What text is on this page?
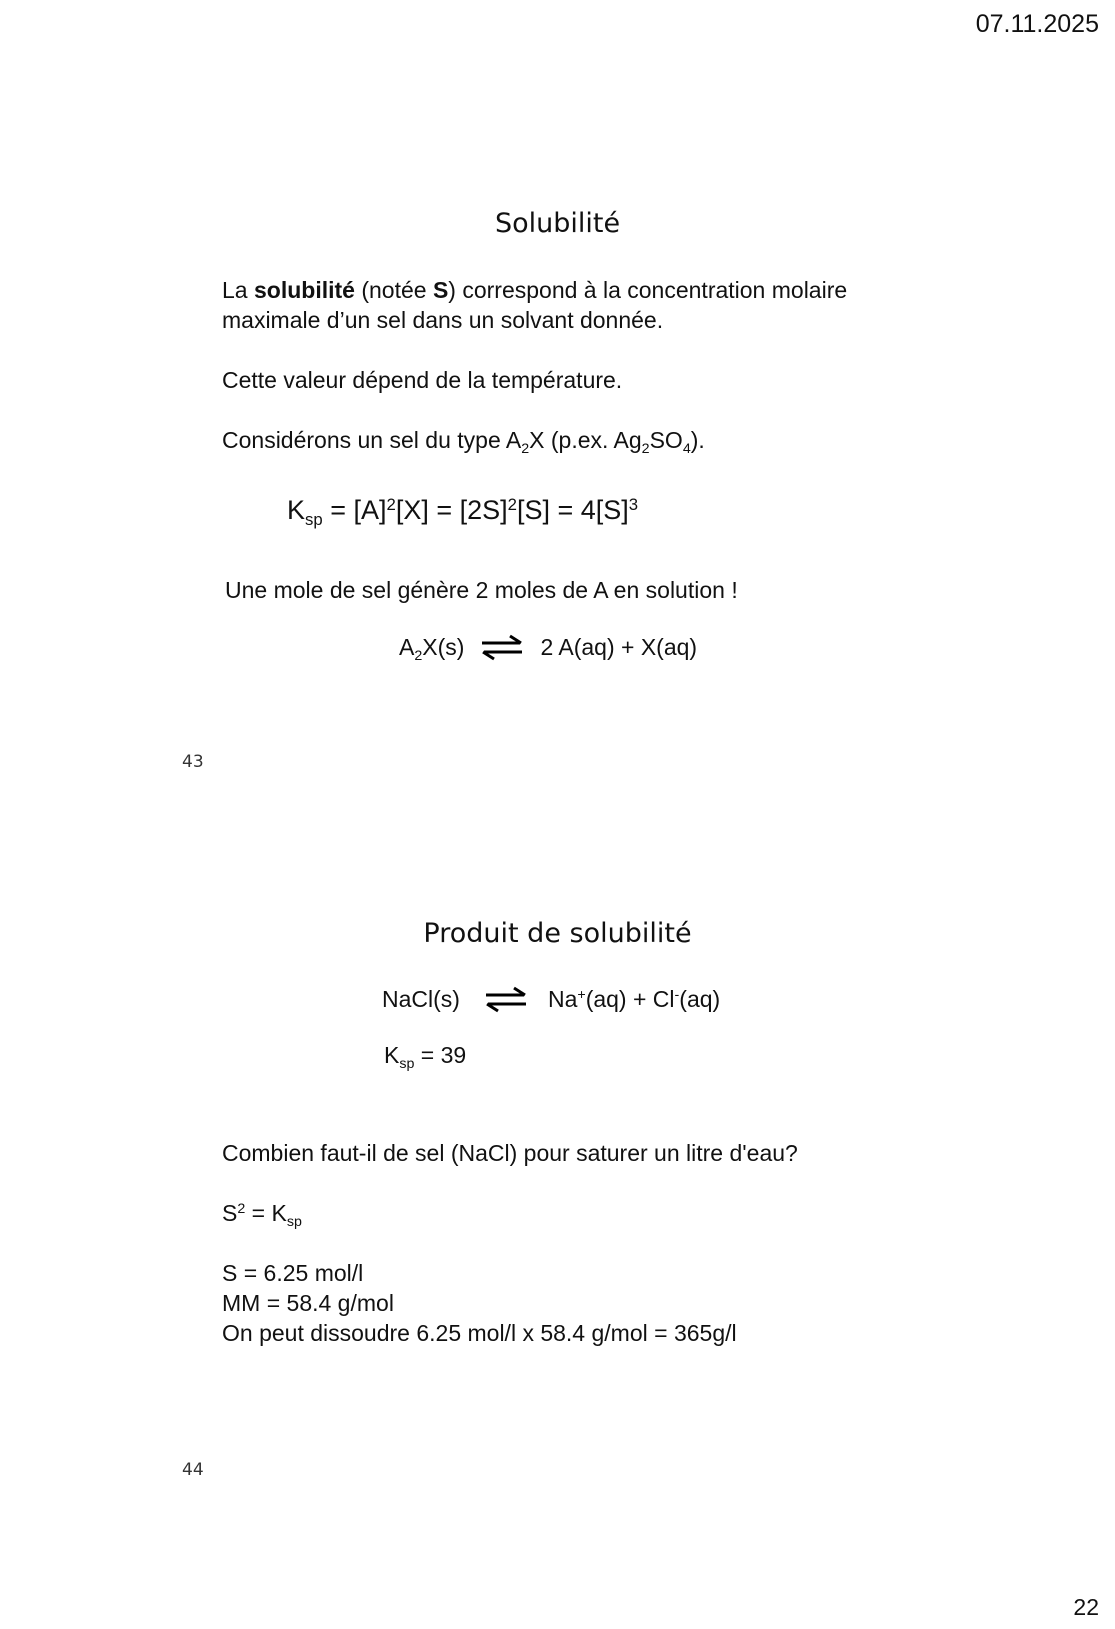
07.11.2025
Solubilité
La solubilité (notée S) correspond à la concentration molaire
maximale d’un sel dans un solvant donnée.
Cette valeur dépend de la température.
Considérons un sel du type $A_2X$ (p.ex. $Ag_2SO_4$).
$K_{sp} = [A]^2[X] = [2S]^2[S] = 4[S]^3$
Une mole de sel génère 2 moles de A en solution !
$A_2X(s)$ ⇌ 2 A(aq) + X(aq)
43
Produit de solubilité
NaCl(s) ⇌ Na+(aq) + Cl-(aq)
$K_{sp} = 39$
Combien faut-il de sel (NaCl) pour saturer un litre d'eau?
$S^2 = K_{sp}$
S = 6.25 mol/l
MM = 58.4 g/mol
On peut dissoudre 6.25 mol/l x 58.4 g/mol = 365g/l
44
22
